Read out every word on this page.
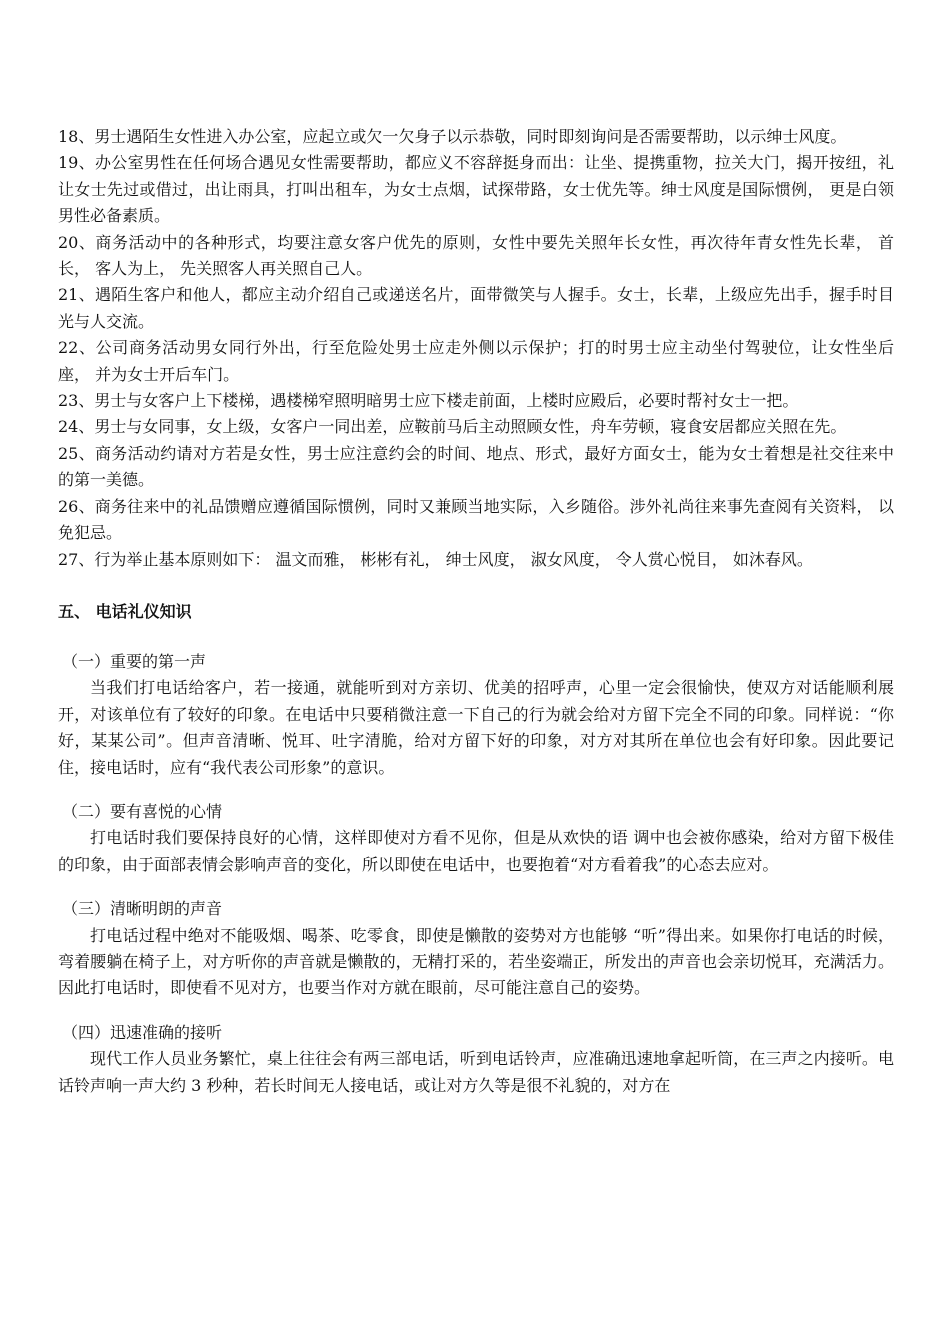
18、男士遇陌生女性进入办公室，应起立或欠一欠身子以示恭敬，同时即刻询问是否需要帮助，以示绅士风度。

19、办公室男性在任何场合遇见女性需要帮助，都应义不容辞挺身而出：让坐、提携重物，拉关大门，揭开按纽，礼让女士先过或借过，出让雨具，打叫出租车，为女士点烟，试探带路，女士优先等。绅士风度是国际惯例， 更是白领男性必备素质。

20、商务活动中的各种形式，均要注意女客户优先的原则，女性中要先关照年长女性，再次待年青女性先长辈， 首长， 客人为上， 先关照客人再关照自己人。

21、遇陌生客户和他人，都应主动介绍自己或递送名片，面带微笑与人握手。女士，长辈，上级应先出手，握手时目光与人交流。

22、公司商务活动男女同行外出，行至危险处男士应走外侧以示保护；打的时男士应主动坐付驾驶位，让女性坐后座， 并为女士开后车门。

23、男士与女客户上下楼梯，遇楼梯窄照明暗男士应下楼走前面，上楼时应殿后，必要时帮衬女士一把。

24、男士与女同事，女上级，女客户一同出差，应鞍前马后主动照顾女性，舟车劳顿，寝食安居都应关照在先。

25、商务活动约请对方若是女性，男士应注意约会的时间、地点、形式，最好方面女士，能为女士着想是社交往来中的第一美德。

26、商务往来中的礼品馈赠应遵循国际惯例，同时又兼顾当地实际，入乡随俗。涉外礼尚往来事先查阅有关资料， 以免犯忌。

27、行为举止基本原则如下： 温文而雅， 彬彬有礼， 绅士风度， 淑女风度， 令人赏心悦目， 如沐春风。

五、 电话礼仪知识

（一）重要的第一声

当我们打电话给客户，若一接通，就能听到对方亲切、优美的招呼声，心里一定会很愉快，使双方对话能顺利展开，对该单位有了较好的印象。在电话中只要稍微注意一下自己的行为就会给对方留下完全不同的印象。同样说：“你好，某某公司”。但声音清晰、悦耳、吐字清脆，给对方留下好的印象，对方对其所在单位也会有好印象。因此要记住，接电话时，应有“我代表公司形象”的意识。

（二）要有喜悦的心情

打电话时我们要保持良好的心情，这样即使对方看不见你，但是从欢快的语 调中也会被你感染，给对方留下极佳的印象，由于面部表情会影响声音的变化，所以即使在电话中，也要抱着“对方看着我”的心态去应对。

（三）清晰明朗的声音

打电话过程中绝对不能吸烟、喝茶、吃零食，即使是懒散的姿势对方也能够 “听”得出来。如果你打电话的时候，弯着腰躺在椅子上，对方听你的声音就是懒散的，无精打采的，若坐姿端正，所发出的声音也会亲切悦耳，充满活力。因此打电话时，即使看不见对方，也要当作对方就在眼前，尽可能注意自己的姿势。

（四）迅速准确的接听

现代工作人员业务繁忙，桌上往往会有两三部电话，听到电话铃声，应准确迅速地拿起听筒，在三声之内接听。电话铃声响一声大约 3 秒种，若长时间无人接电话，或让对方久等是很不礼貌的，对方在
